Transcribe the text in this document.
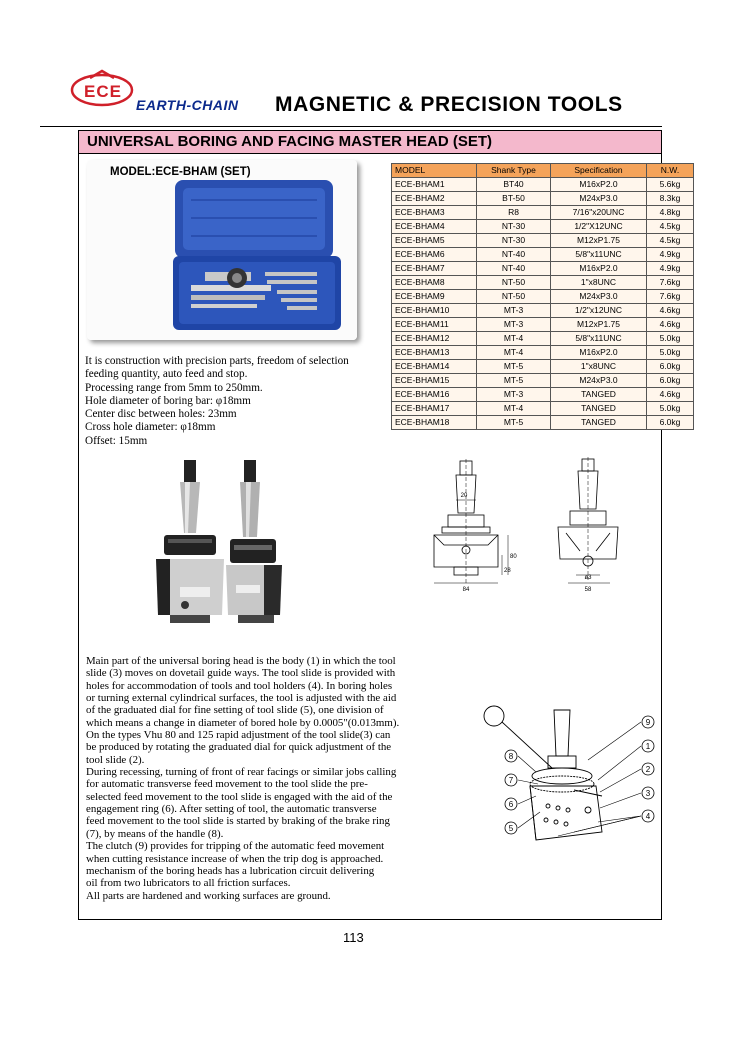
ECE
EARTH-CHAIN MAGNETIC & PRECISION TOOLS
UNIVERSAL BORING AND FACING MASTER HEAD (SET)
MODEL:ECE-BHAM (SET)	MODEL	Shank Type	Specification	N.W.
ECE-BHAM1	BT40	M16xP2.0	5.6kg
ECE-BHAM2	BT-50	M24xP3.0	8.3kg
ECE-BHAM3	R8	7/16"x20UNC	4.8kg
ECE-BHAM4	NT-30	1/2"X12UNC	4.5kg
ECE-BHAM5	NT-30	M12xP1.75	4.5kg
ECE-BHAM6	NT-40	5/8"x11UNC	4.9kg
ECE-BHAM7	NT-40	M16xP2.0	4.9kg
ECE-BHAM8	NT-50	1"x8UNC	7.6kg
ECE-BHAM9	NT-50	M24xP3.0	7.6kg
ECE-BHAM10	MT-3	1/2"x12UNC	4.6kg
ECE-BHAM11	MT-3	M12xP1.75	4.6kg
ECE-BHAM12	MT-4	5/8"x11UNC	5.0kg
ECE-BHAM13	MT-4	M16xP2.0	5.0kg
ECE-BHAM14	MT-5	1"x8UNC	6.0kg
ECE-BHAM15	MT-5	M24xP3.0	6.0kg
ECE-BHAM16	MT-3	TANGED	4.6kg
ECE-BHAM17	MT-4	TANGED	5.0kg
ECE-BHAM18	MT-5	TANGED	6.0kg
It is construction with precision parts, freedom of selection
feeding quantity, auto feed and stop.
Processing range from 5mm to 250mm.
Hole diameter of boring bar: φ18mm
Center disc between holes: 23mm
Cross hole diameter: φ18mm
Offset: 15mm
20
80
28
84
ø3
58
Main part of the universal boring head is the body (1) in which the tool
slide (3) moves on dovetail guide ways. The tool slide is provided with
holes for accommodation of tools and tool holders (4). In boring holes
or turning external cylindrical surfaces, the tool is adjusted with the aid
of the graduated dial for fine setting of tool slide (5), one division of
which means a change in diameter of bored hole by 0.0005"(0.013mm).
On the types Vhu 80 and 125 rapid adjustment of the tool slide(3) can
be produced by rotating the graduated dial for quick adjustment of the
tool slide (2).
During recessing, turning of front of rear facings or similar jobs calling
for automatic transverse feed movement to the tool slide the pre-
selected feed movement to the tool slide is engaged with the aid of the
engagement ring (6). After setting of tool, the automatic transverse
feed movement to the tool slide is started by braking of the brake ring
(7), by means of the handle (8).
The clutch (9) provides for tripping of the automatic feed movement
when cutting resistance increase of when the trip dog is approached.
mechanism of the boring heads has a lubrication circuit delivering
oil from two lubricators to all friction surfaces.
All parts are hardened and working surfaces are ground.
9
1
2
3
4
8
7
6
5
113
